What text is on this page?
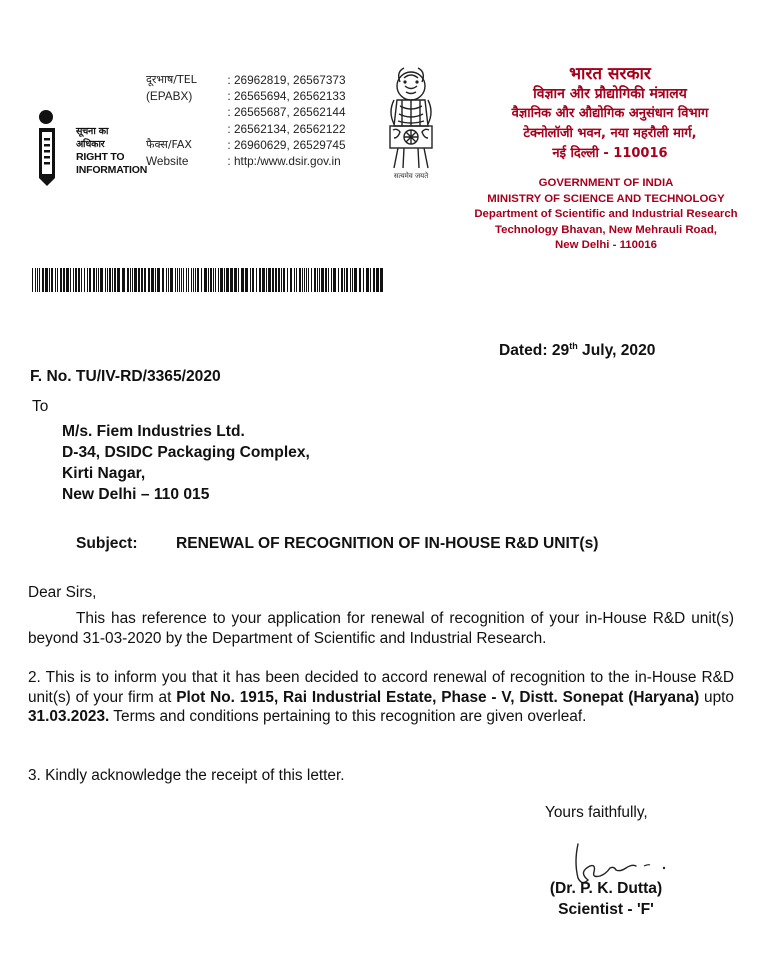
सूचना का
अधिकार
RIGHT TO
INFORMATION
दूरभाष/TEL	: 26962819, 26567373
(EPABX)	: 26565694, 26562133
: 26565687, 26562144
: 26562134, 26562122
फैक्स/FAX	: 26960629, 26529745
Website	: http:/www.dsir.gov.in
सत्यमेव जयते
भारत सरकार
विज्ञान और प्रौद्योगिकी मंत्रालय
वैज्ञानिक और औद्योगिक अनुसंधान विभाग
टेक्नोलॉजी भवन, नया महरौली मार्ग,
नई दिल्ली - 110016
GOVERNMENT OF INDIA
MINISTRY OF SCIENCE AND TECHNOLOGY
Department of Scientific and Industrial Research
Technology Bhavan, New Mehrauli Road,
New Delhi - 110016
Dated: 29th July, 2020
F. No. TU/IV-RD/3365/2020
To
M/s. Fiem Industries Ltd.
D-34, DSIDC Packaging Complex,
Kirti Nagar,
New Delhi – 110 015
Subject: RENEWAL OF RECOGNITION OF IN-HOUSE R&D UNIT(s)
Dear Sirs,
This has reference to your application for renewal of recognition of your in-House R&D unit(s) beyond 31-03-2020 by the Department of Scientific and Industrial Research.
2. This is to inform you that it has been decided to accord renewal of recognition to the in-House R&D unit(s) of your firm at Plot No. 1915, Rai Industrial Estate, Phase - V, Distt. Sonepat (Haryana) upto 31.03.2023. Terms and conditions pertaining to this recognition are given overleaf.
3. Kindly acknowledge the receipt of this letter.
Yours faithfully,
(Dr. P. K. Dutta)
Scientist - 'F'
